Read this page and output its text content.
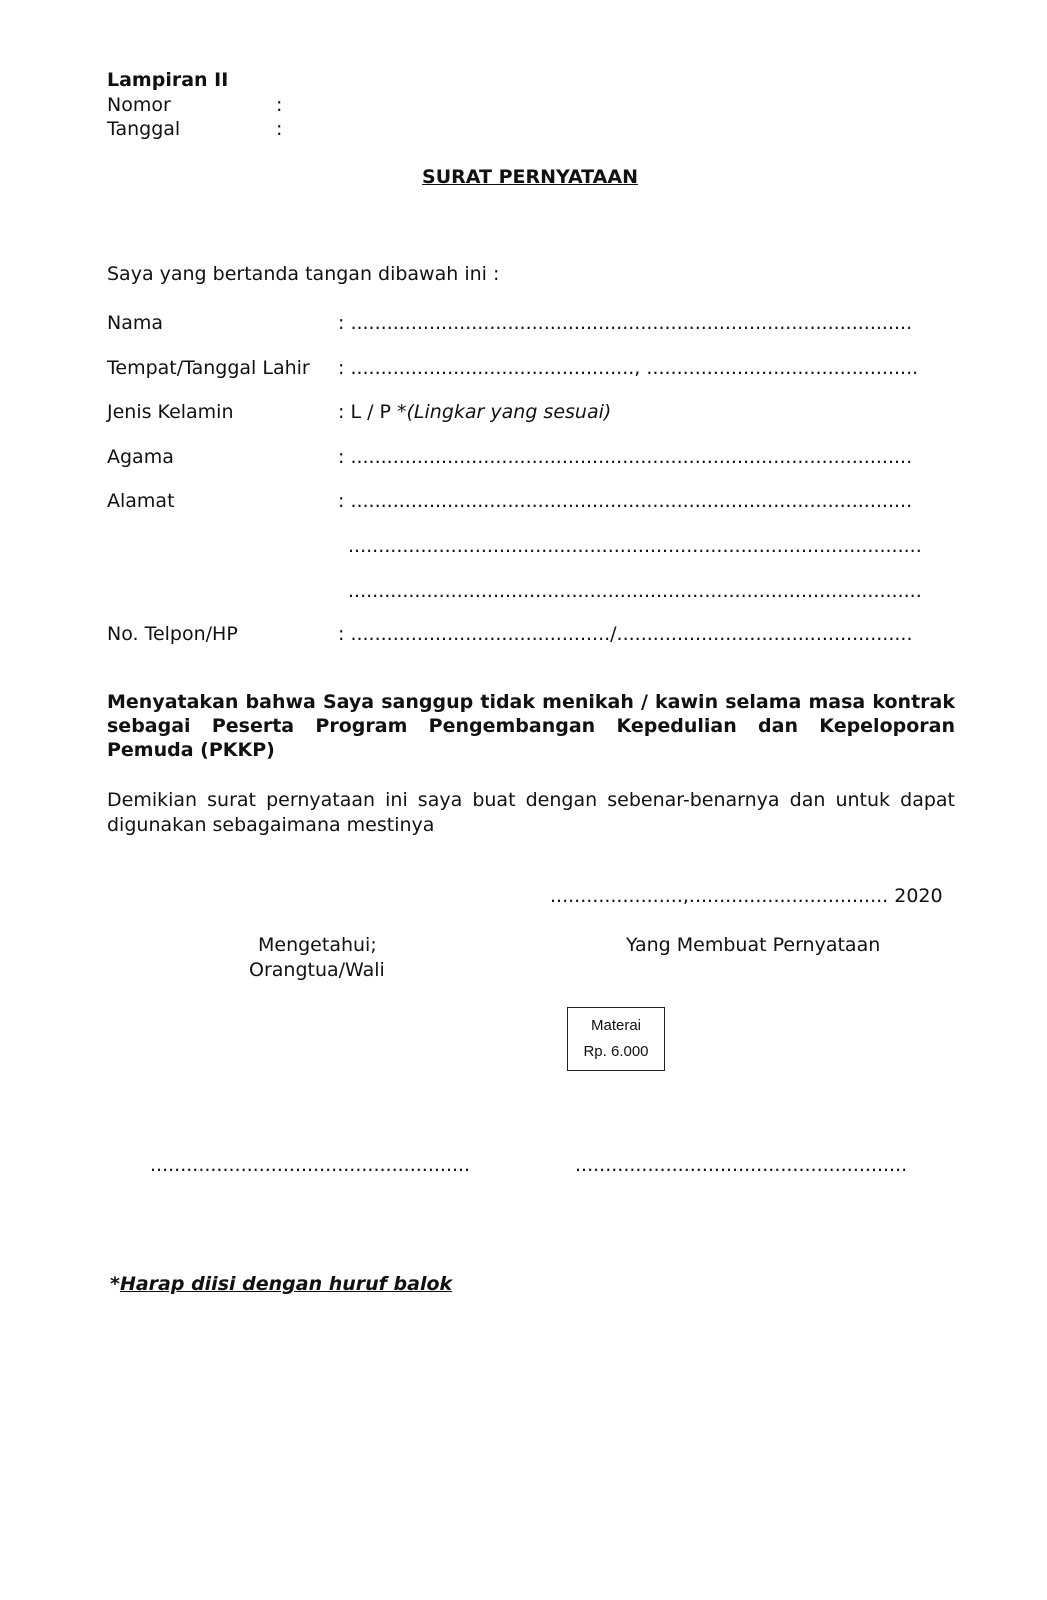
Lampiran II
Nomor	:
Tanggal	:
SURAT PERNYATAAN
Saya yang bertanda tangan dibawah ini :
Nama	: .............................................................................................
Tempat/Tanggal Lahir : ..............................................., .............................................
Jenis Kelamin	: L / P *(Lingkar yang sesuai)
Agama	: .............................................................................................
Alamat	: .............................................................................................
...............................................................................................
...............................................................................................
No. Telpon/HP	: .........................................../.................................................
Menyatakan bahwa Saya sanggup tidak menikah / kawin selama masa kontrak sebagai Peserta Program Pengembangan Kepedulian dan Kepeloporan Pemuda (PKKP)
Demikian surat pernyataan ini saya buat dengan sebenar-benarnya dan untuk dapat digunakan sebagaimana mestinya
......................,................................. 2020
Mengetahui;
Orangtua/Wali
Yang Membuat Pernyataan
Materai
Rp. 6.000
.....................................................	.......................................................
*Harap diisi dengan huruf balok
